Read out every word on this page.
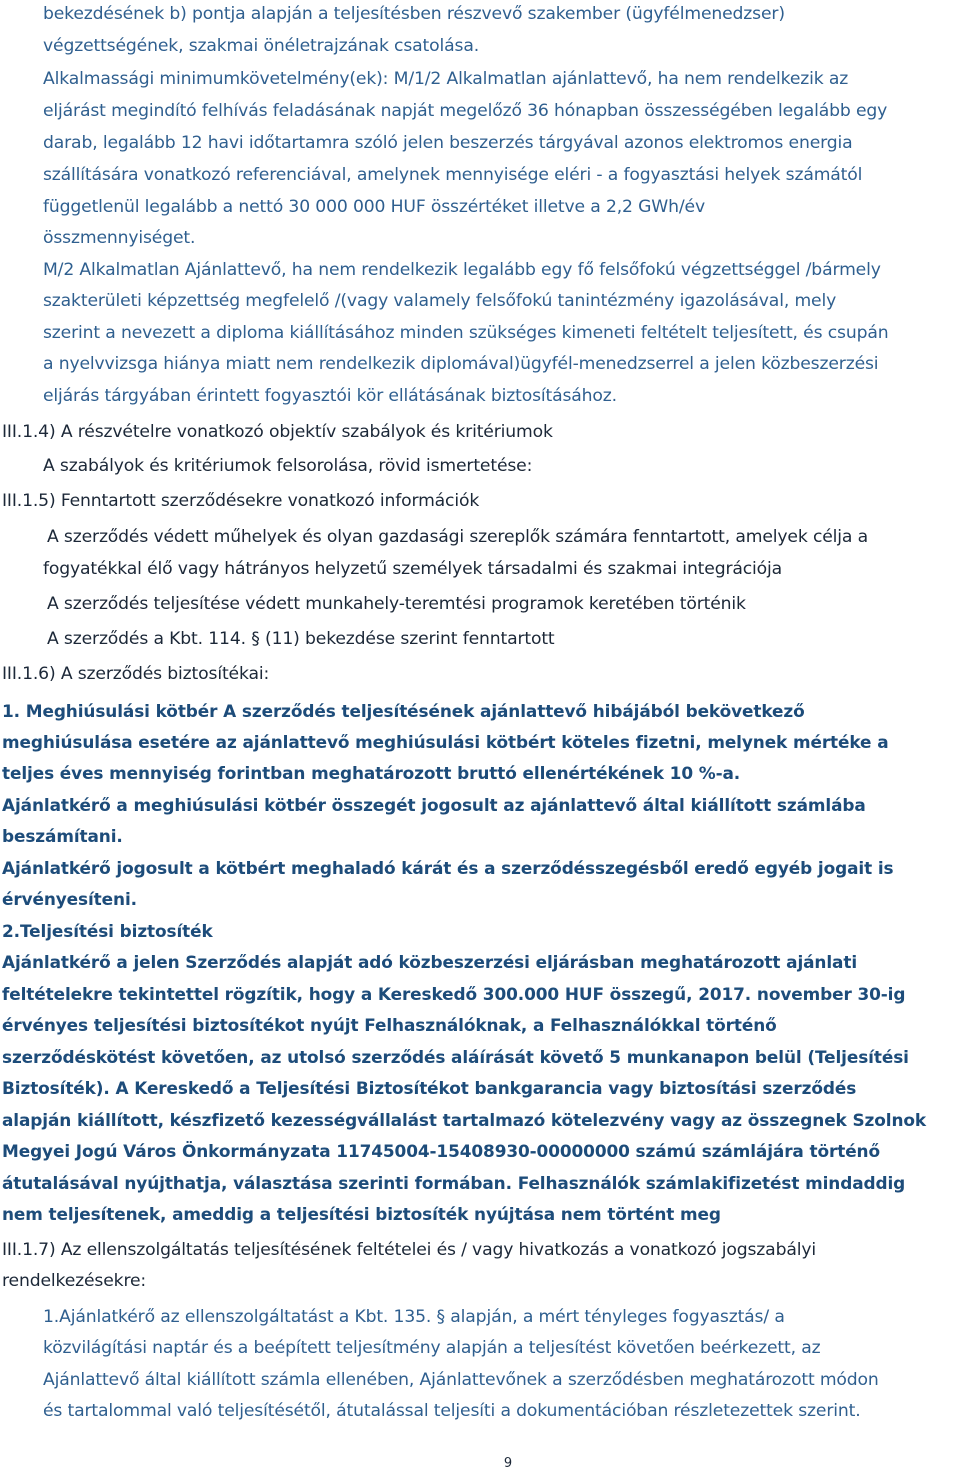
bekezdésének b) pontja alapján a teljesítésben részvevő szakember (ügyfélmenedzser)
végzettségének, szakmai önéletrajzának csatolása.
Alkalmassági minimumkövetelmény(ek): M/1/2 Alkalmatlan ajánlattevő, ha nem rendelkezik az
eljárást megindító felhívás feladásának napját megelőző 36 hónapban összességében legalább egy
darab, legalább 12 havi időtartamra szóló jelen beszerzés tárgyával azonos elektromos energia
szállítására vonatkozó referenciával, amelynek mennyisége eléri - a fogyasztási helyek számától
függetlenül legalább a nettó 30 000 000 HUF összértéket illetve a 2,2 GWh/év
összmennyiséget.
M/2 Alkalmatlan Ajánlattevő, ha nem rendelkezik legalább egy fő felsőfokú végzettséggel /bármely
szakterületi képzettség megfelelő /(vagy valamely felsőfokú tanintézmény igazolásával, mely
szerint a nevezett a diploma kiállításához minden szükséges kimeneti feltételt teljesített, és csupán
a nyelvvizsga hiánya miatt nem rendelkezik diplomával)ügyfél-menedzserrel a jelen közbeszerzési
eljárás tárgyában érintett fogyasztói kör ellátásának biztosításához.
III.1.4) A részvételre vonatkozó objektív szabályok és kritériumok
A szabályok és kritériumok felsorolása, rövid ismertetése:
III.1.5) Fenntartott szerződésekre vonatkozó információk
A szerződés védett műhelyek és olyan gazdasági szereplők számára fenntartott, amelyek célja a
fogyatékkal élő vagy hátrányos helyzetű személyek társadalmi és szakmai integrációja
A szerződés teljesítése védett munkahely-teremtési programok keretében történik
A szerződés a Kbt. 114. § (11) bekezdése szerint fenntartott
III.1.6) A szerződés biztosítékai:
1. Meghiúsulási kötbér A szerződés teljesítésének ajánlattevő hibájából bekövetkező
meghiúsulása esetére az ajánlattevő meghiúsulási kötbért köteles fizetni, melynek mértéke a
teljes éves mennyiség forintban meghatározott bruttó ellenértékének 10 %-a.
Ajánlatkérő a meghiúsulási kötbér összegét jogosult az ajánlattevő által kiállított számlába
beszámítani.
Ajánlatkérő jogosult a kötbért meghaladó kárát és a szerződésszegésből eredő egyéb jogait is
érvényesíteni.
2.Teljesítési biztosíték
Ajánlatkérő a jelen Szerződés alapját adó közbeszerzési eljárásban meghatározott ajánlati
feltételekre tekintettel rögzítik, hogy a Kereskedő 300.000 HUF összegű, 2017. november 30-ig
érvényes teljesítési biztosítékot nyújt Felhasználóknak, a Felhasználókkal történő
szerződéskötést követően, az utolsó szerződés aláírását követő 5 munkanapon belül (Teljesítési
Biztosíték). A Kereskedő a Teljesítési Biztosítékot bankgarancia vagy biztosítási szerződés
alapján kiállított, készfizető kezességvállalást tartalmazó kötelezvény vagy az összegnek Szolnok
Megyei Jogú Város Önkormányzata 11745004-15408930-00000000 számú számlájára történő
átutalásával nyújthatja, választása szerinti formában. Felhasználók számlakifizetést mindaddig
nem teljesítenek, ameddig a teljesítési biztosíték nyújtása nem történt meg
III.1.7) Az ellenszolgáltatás teljesítésének feltételei és / vagy hivatkozás a vonatkozó jogszabályi
rendelkezésekre:
1.Ajánlatkérő az ellenszolgáltatást a Kbt. 135. § alapján, a mért tényleges fogyasztás/ a
közvilágítási naptár és a beépített teljesítmény alapján a teljesítést követően beérkezett, az
Ajánlattevő által kiállított számla ellenében, Ajánlattevőnek a szerződésben meghatározott módon
és tartalommal való teljesítésétől, átutalással teljesíti a dokumentációban részletezettek szerint.
9
